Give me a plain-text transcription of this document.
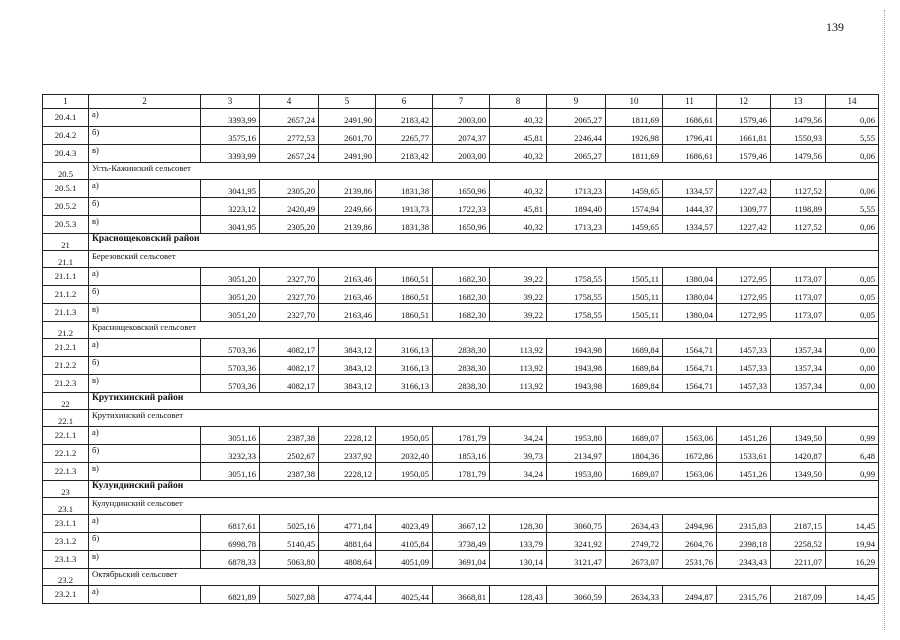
139
1	2	3	4	5	6	7	8	9	10	11	12	13	14
20.4.1	а)	3393,99	2657,24	2491,90	2183,42	2003,00	40,32	2065,27	1811,69	1686,61	1579,46	1479,56	0,06
20.4.2	б)	3575,16	2772,53	2601,70	2265,77	2074,37	45,81	2246,44	1926,98	1796,41	1661,81	1550,93	5,55
20.4.3	в)	3393,99	2657,24	2491,90	2183,42	2003,00	40,32	2065,27	1811,69	1686,61	1579,46	1479,56	0,06
20.5	Усть-Кажинский сельсовет												
20.5.1	а)	3041,95	2305,20	2139,86	1831,38	1650,96	40,32	1713,23	1459,65	1334,57	1227,42	1127,52	0,06
20.5.2	б)	3223,12	2420,49	2249,66	1913,73	1722,33	45,81	1894,40	1574,94	1444,37	1309,77	1198,89	5,55
20.5.3	в)	3041,95	2305,20	2139,86	1831,38	1650,96	40,32	1713,23	1459,65	1334,57	1227,42	1127,52	0,06
21	Краснощековский район												
21.1	Березовский сельсовет												
21.1.1	а)	3051,20	2327,70	2163,46	1860,51	1682,30	39,22	1758,55	1505,11	1380,04	1272,95	1173,07	0,05
21.1.2	б)	3051,20	2327,70	2163,46	1860,51	1682,30	39,22	1758,55	1505,11	1380,04	1272,95	1173,07	0,05
21.1.3	в)	3051,20	2327,70	2163,46	1860,51	1682,30	39,22	1758,55	1505,11	1380,04	1272,95	1173,07	0,05
21.2	Краснощековский сельсовет												
21.2.1	а)	5703,36	4082,17	3843,12	3166,13	2838,30	113,92	1943,98	1689,84	1564,71	1457,33	1357,34	0,00
21.2.2	б)	5703,36	4082,17	3843,12	3166,13	2838,30	113,92	1943,98	1689,84	1564,71	1457,33	1357,34	0,00
21.2.3	в)	5703,36	4082,17	3843,12	3166,13	2838,30	113,92	1943,98	1689,84	1564,71	1457,33	1357,34	0,00
22	Крутихинский район												
22.1	Крутихинский сельсовет												
22.1.1	а)	3051,16	2387,38	2228,12	1950,05	1781,79	34,24	1953,80	1689,07	1563,06	1451,26	1349,50	0,99
22.1.2	б)	3232,33	2502,67	2337,92	2032,40	1853,16	39,73	2134,97	1804,36	1672,86	1533,61	1420,87	6,48
22.1.3	в)	3051,16	2387,38	2228,12	1950,05	1781,79	34,24	1953,80	1689,07	1563,06	1451,26	1349,50	0,99
23	Кулундинский район												
23.1	Кулундинский сельсовет												
23.1.1	а)	6817,61	5025,16	4771,84	4023,49	3667,12	128,30	3060,75	2634,43	2494,96	2315,83	2187,15	14,45
23.1.2	б)	6998,78	5140,45	4881,64	4105,84	3738,49	133,79	3241,92	2749,72	2604,76	2398,18	2258,52	19,94
23.1.3	в)	6878,33	5063,80	4808,64	4051,09	3691,04	130,14	3121,47	2673,07	2531,76	2343,43	2211,07	16,29
23.2	Октябрьский сельсовет												
23.2.1	а)	6821,89	5027,88	4774,44	4025,44	3668,81	128,43	3060,59	2634,33	2494,87	2315,76	2187,09	14,45
